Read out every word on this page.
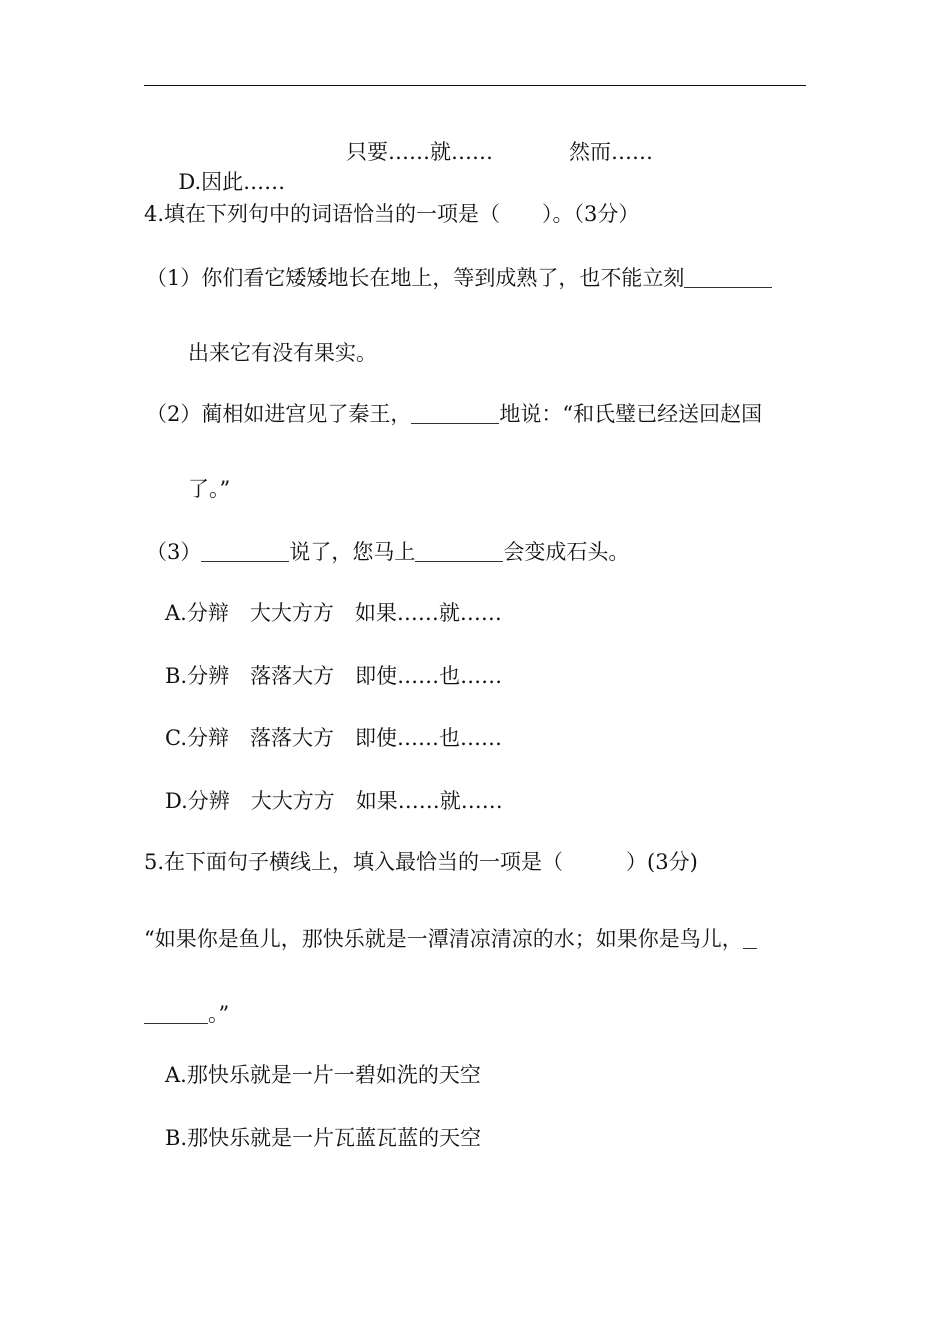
D.因此……

只要……就……	然而……
4.填在下列句中的词语恰当的一项是（　　）。（3分）
（1）你们看它矮矮地长在地上，等到成熟了，也不能立刻
出来它有没有果实。
（2）蔺相如进宫见了秦王，	地说：“和氏璧已经送回赵国
了。”
（3）	说了，您马上	会变成石头。
A.分辩　大大方方　如果……就……
B.分辨　落落大方　即使……也……
C.分辩　落落大方　即使……也……
D.分辨　大大方方　如果……就……
5.在下面句子横线上，填入最恰当的一项是（　　　）(3分)
“如果你是鱼儿，那快乐就是一潭清凉清凉的水；如果你是鸟儿，
。”
A.那快乐就是一片一碧如洗的天空
B.那快乐就是一片瓦蓝瓦蓝的天空
